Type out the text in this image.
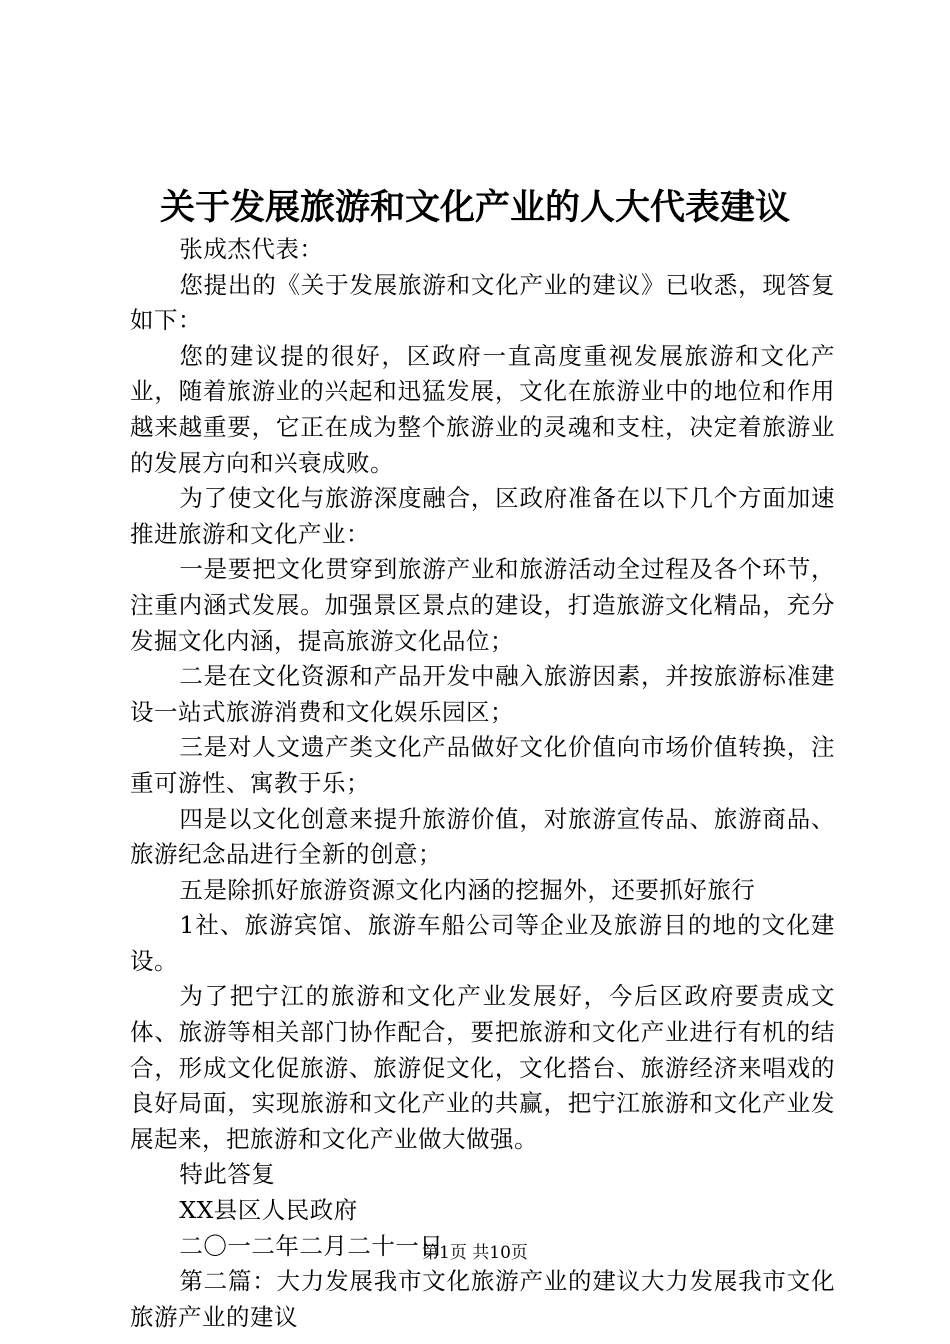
关于发展旅游和文化产业的人大代表建议

张成杰代表：

您提出的《关于发展旅游和文化产业的建议》已收悉，现答复如下：

您的建议提的很好，区政府一直高度重视发展旅游和文化产业，随着旅游业的兴起和迅猛发展，文化在旅游业中的地位和作用越来越重要，它正在成为整个旅游业的灵魂和支柱，决定着旅游业的发展方向和兴衰成败。

为了使文化与旅游深度融合，区政府准备在以下几个方面加速推进旅游和文化产业：

一是要把文化贯穿到旅游产业和旅游活动全过程及各个环节，注重内涵式发展。加强景区景点的建设，打造旅游文化精品，充分发掘文化内涵，提高旅游文化品位；

二是在文化资源和产品开发中融入旅游因素，并按旅游标准建设一站式旅游消费和文化娱乐园区；

三是对人文遗产类文化产品做好文化价值向市场价值转换，注重可游性、寓教于乐；

四是以文化创意来提升旅游价值，对旅游宣传品、旅游商品、旅游纪念品进行全新的创意；

五是除抓好旅游资源文化内涵的挖掘外，还要抓好旅行

1社、旅游宾馆、旅游车船公司等企业及旅游目的地的文化建设。

为了把宁江的旅游和文化产业发展好，今后区政府要责成文体、旅游等相关部门协作配合，要把旅游和文化产业进行有机的结合，形成文化促旅游、旅游促文化，文化搭台、旅游经济来唱戏的良好局面，实现旅游和文化产业的共赢，把宁江旅游和文化产业发展起来，把旅游和文化产业做大做强。

特此答复

XX县区人民政府

二〇一二年二月二十一日

第二篇：大力发展我市文化旅游产业的建议大力发展我市文化旅游产业的建议

第1页 共10页
